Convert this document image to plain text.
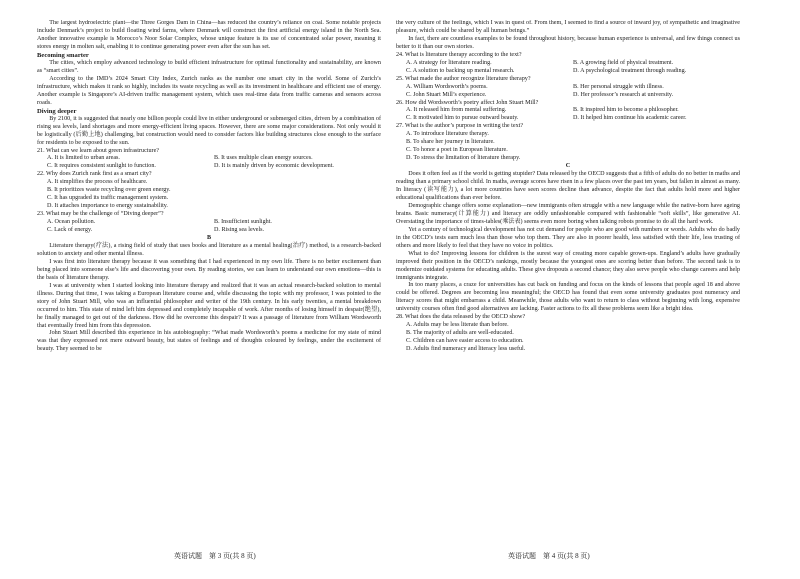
The largest hydroelectric plant—the Three Gorges Dam in China—has reduced the country’s reliance on coal. Some notable projects include Denmark’s project to build floating wind farms, where Denmark will construct the first artificial energy island in the North Sea. Another innovative example is Morocco’s Noor Solar Complex, whose unique feature is its use of concentrated solar power, meaning it stores energy in molten salt, enabling it to continue generating power even after the sun has set.

Becoming smarter

The cities, which employ advanced technology to build efficient infrastructure for optimal functionality and sustainability, are known as “smart cities”.

According to the IMD’s 2024 Smart City Index, Zurich ranks as the number one smart city in the world. Some of Zurich’s infrastructure, which makes it rank so highly, includes its waste recycling as well as its investment in healthcare and efficient use of energy. Another example is Singapore’s AI-driven traffic management system, which uses real-time data from traffic cameras and sensors across roads.

Diving deeper

By 2100, it is suggested that nearly one billion people could live in either underground or submerged cities, driven by a combination of rising sea levels, land shortages and more energy-efficient living spaces. However, there are some major considerations. Not only would it be logistically (后勤上地) challenging, but construction would need to consider factors like building structures close enough to the surface for residents to be exposed to the sun.

21. What can we learn about green infrastructure?
A. It is limited to urban areas.	B. It uses multiple clean energy sources.
C. It requires consistent sunlight to function.	D. It is mainly driven by economic development.
22. Why does Zurich rank first as a smart city?
A. It simplifies the process of healthcare.
B. It prioritizes waste recycling over green energy.
C. It has upgraded its traffic management system.
D. It attaches importance to energy sustainability.
23. What may be the challenge of “Diving deeper”?
A. Ocean pollution.	B. Insufficient sunlight.
C. Lack of energy.	D. Rising sea levels.

B

Literature therapy(疗法), a rising field of study that uses books and literature as a mental healing(治疗) method, is a research-backed solution to anxiety and other mental illness.

I was first into literature therapy because it was something that I had experienced in my own life. There is no better excitement than being placed into someone else’s life and discovering your own. By reading stories, we can learn to understand our own emotions—this is the basis of literature therapy.

I was at university when I started looking into literature therapy and realized that it was an actual research-backed solution to mental illness. During that time, I was taking a European literature course and, while discussing the topic with my professor, I was pointed to the story of John Stuart Mill, who was an influential philosopher and writer of the 19th century. In his early twenties, a mental breakdown occurred to him. This state of mind left him depressed and completely incapable of work. After months of losing himself in despair(绝望), he finally managed to get out of the darkness. How did he overcome this despair? It was a passage of literature from William Wordsworth that eventually freed him from this depression.

John Stuart Mill described this experience in his autobiography: “What made Wordsworth’s poems a medicine for my state of mind was that they expressed not mere outward beauty, but states of feelings and of thoughts coloured by feelings, under the excitement of beauty. They seemed to be

the very culture of the feelings, which I was in quest of. From them, I seemed to find a source of inward joy, of sympathetic and imaginative pleasure, which could be shared by all human beings.”

In fact, there are countless examples to be found throughout history, because human experience is universal, and few things connect us better to it than our own stories.

24. What is literature therapy according to the text?
A. A strategy for literature reading.	B. A growing field of physical treatment.
C. A solution to backing up mental research.	D. A psychological treatment through reading.
25. What made the author recognize literature therapy?
A. William Wordsworth’s poems.	B. Her personal struggle with illness.
C. John Stuart Mill’s experience.	D. Her professor’s research at university.
26. How did Wordsworth’s poetry affect John Stuart Mill?
A. It released him from mental suffering.	B. It inspired him to become a philosopher.
C. It motivated him to pursue outward beauty.	D. It helped him continue his academic career.
27. What is the author’s purpose in writing the text?
A. To introduce literature therapy.
B. To share her journey in literature.
C. To honor a poet in European literature.
D. To stress the limitation of literature therapy.

C

Does it often feel as if the world is getting stupider? Data released by the OECD suggests that a fifth of adults do no better in maths and reading than a primary school child. In maths, average scores have risen in a few places over the past ten years, but fallen in almost as many. In literacy (读写能力), a lot more countries have seen scores decline than advance, despite the fact that adults hold more and higher educational qualifications than ever before.

Demographic change offers some explanation—new immigrants often struggle with a new language while the native-born have ageing brains. Basic numeracy(计算能力) and literacy are oddly unfashionable compared with fashionable “soft skills”, like generative AI. Overstating the importance of times-tables(乘法表) seems even more boring when talking robots promise to do all the hard work.

Yet a century of technological development has not cut demand for people who are good with numbers or words. Adults who do badly in the OECD’s tests earn much less than those who top them. They are also in poorer health, less satisfied with their life, less trusting of others and more likely to feel that they have no voice in politics.

What to do? Improving lessons for children is the surest way of creating more capable grown-ups. England’s adults have gradually improved their position in the OECD’s rankings, mostly because the youngest ones are scoring better than before. The second task is to modernize outdated systems for educating adults. These give dropouts a second chance; they also serve people who change careers and help immigrants integrate.

In too many places, a craze for universities has cut back on funding and focus on the kinds of lessons that people aged 18 and above could be offered. Degrees are becoming less meaningful; the OECD has found that even some university graduates post numeracy and literacy scores that might embarrass a child. Meanwhile, those adults who want to return to class without beginning with long, expensive university courses often find good alternatives are lacking. Faster actions to fix all these problems seem like a bright idea.

28. What does the data released by the OECD show?
A. Adults may be less literate than before.
B. The majority of adults are well-educated.
C. Children can have easier access to education.
D. Adults find numeracy and literacy less useful.
英语试题　第 3 页(共 8 页)	英语试题　第 4 页(共 8 页)
